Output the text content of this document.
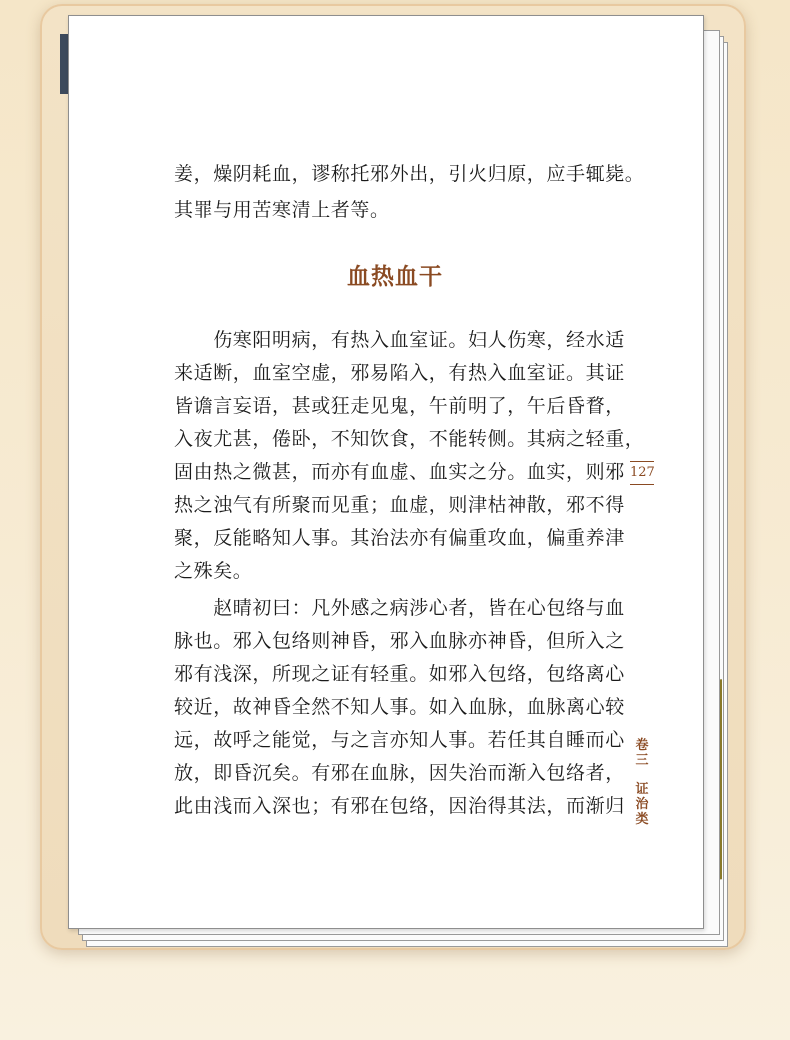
姜，燥阴耗血，谬称托邪外出，引火归原，应手辄毙。

其罪与用苦寒清上者等。

血热血干

　　伤寒阳明病，有热入血室证。妇人伤寒，经水适

来适断，血室空虚，邪易陷入，有热入血室证。其证

皆谵言妄语，甚或狂走见鬼，午前明了，午后昏瞀，

入夜尤甚，倦卧，不知饮食，不能转侧。其病之轻重，

固由热之微甚，而亦有血虚、血实之分。血实，则邪

热之浊气有所聚而见重；血虚，则津枯神散，邪不得

聚，反能略知人事。其治法亦有偏重攻血，偏重养津

之殊矣。

　　赵晴初曰：凡外感之病涉心者，皆在心包络与血

脉也。邪入包络则神昏，邪入血脉亦神昏，但所入之

邪有浅深，所现之证有轻重。如邪入包络，包络离心

较近，故神昏全然不知人事。如入血脉，血脉离心较

远，故呼之能觉，与之言亦知人事。若任其自睡而心

放，即昏沉矣。有邪在血脉，因失治而渐入包络者，

此由浅而入深也；有邪在包络，因治得其法，而渐归

127
卷
三
证
治
类
